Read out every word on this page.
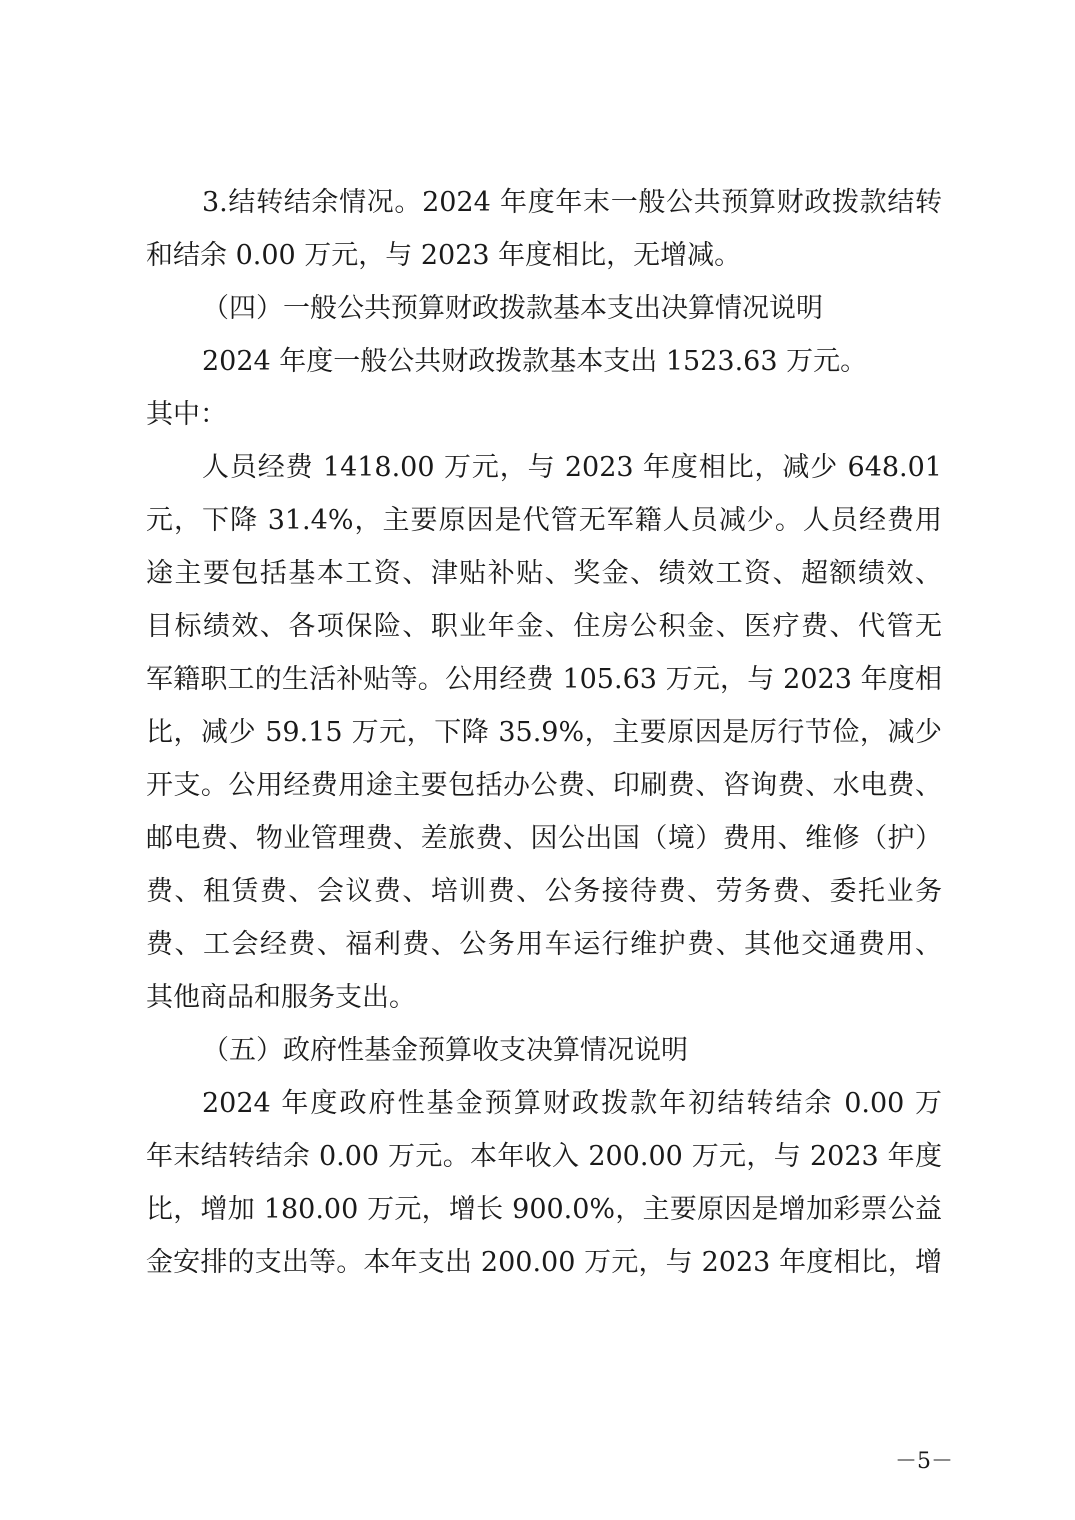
3.结转结余情况。2024 年度年末一般公共预算财政拨款结转
和结余 0.00 万元，与 2023 年度相比，无增减。
（四）一般公共预算财政拨款基本支出决算情况说明
2024 年度一般公共财政拨款基本支出 1523.63 万元。
其中：
人员经费 1418.00 万元，与 2023 年度相比，减少 648.01
元，下降 31.4%，主要原因是代管无军籍人员减少。人员经费用
途主要包括基本工资、津贴补贴、奖金、绩效工资、超额绩效、
目标绩效、各项保险、职业年金、住房公积金、医疗费、代管无
军籍职工的生活补贴等。公用经费 105.63 万元，与 2023 年度相
比，减少 59.15 万元，下降 35.9%，主要原因是厉行节俭，减少
开支。公用经费用途主要包括办公费、印刷费、咨询费、水电费、
邮电费、物业管理费、差旅费、因公出国（境）费用、维修（护）
费、租赁费、会议费、培训费、公务接待费、劳务费、委托业务
费、工会经费、福利费、公务用车运行维护费、其他交通费用、
其他商品和服务支出。
（五）政府性基金预算收支决算情况说明
2024 年度政府性基金预算财政拨款年初结转结余 0.00 万
年末结转结余 0.00 万元。本年收入 200.00 万元，与 2023 年度
比，增加 180.00 万元，增长 900.0%，主要原因是增加彩票公益
金安排的支出等。本年支出 200.00 万元，与 2023 年度相比，增
－5－
